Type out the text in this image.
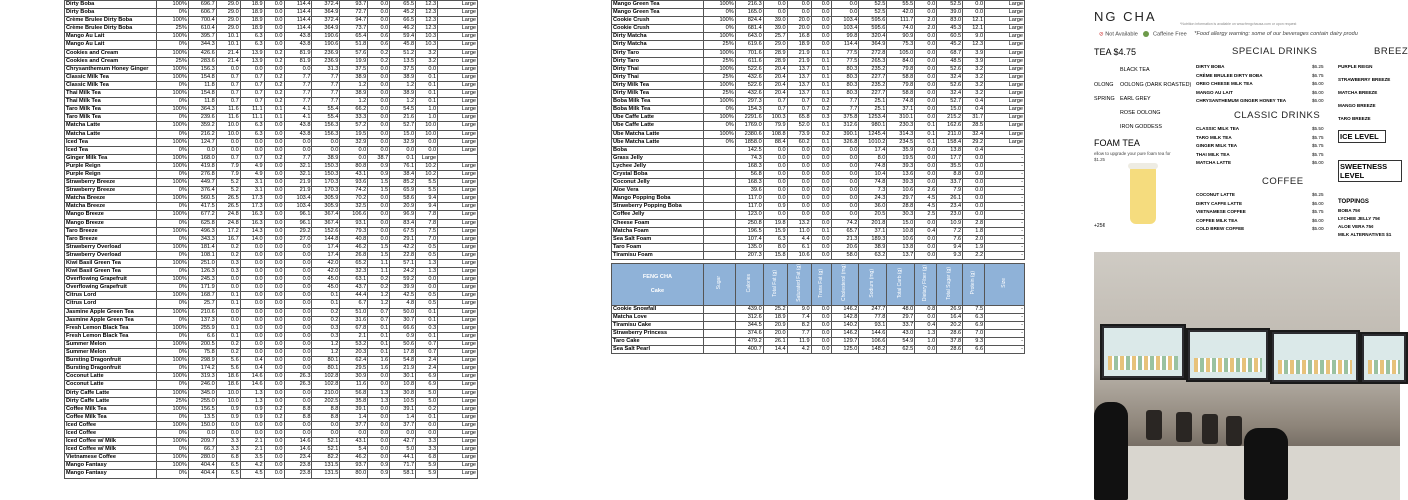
Dirty Boba	100%	696.7	29.0	18.9	0.0	114.4	372.4	93.7	0.0	65.5	12.3	Large
Dirty Boba	0%	606.7	29.0	18.9	0.0	114.4	364.9	72.7	0.0	45.2	12.3	Large
Crème Brulee Dirty Boba	100%	700.4	29.0	18.9	0.0	114.4	372.4	94.7	0.0	66.5	12.3	Large
Crème Brulee Dirty Boba	25%	610.4	29.0	18.9	0.0	114.4	364.9	73.7	0.0	46.2	12.3	Large
Mango Au Lait	100%	395.7	10.1	6.3	0.0	43.8	190.6	65.4	0.6	59.4	10.3	Large
Mango Au Lait	0%	344.3	10.1	6.3	0.0	43.8	190.6	51.8	0.6	45.8	10.3	Large
Cookies and Cream	100%	426.6	21.4	13.9	0.2	81.9	236.9	57.6	0.2	51.2	3.2	Large
Cookies and Cream	25%	283.6	21.4	13.9	0.2	81.9	236.9	19.9	0.2	13.5	3.2	Large
Chrysanthemum Honey Ginger	100%	156.3	0.0	0.0	0.0	0.0	31.3	37.5	0.0	37.5	0.0	Large
Classic Milk Tea	100%	154.8	0.7	0.7	0.2	7.7	7.7	38.9	0.0	38.9	0.1	Large
Classic Milk Tea	0%	11.8	0.7	0.7	0.2	7.7	7.7	1.2	0.0	1.2	0.1	Large
Thai Milk Tea	100%	154.8	0.7	0.7	0.2	7.7	7.7	38.9	0.0	38.9	0.1	Large
Thai Milk Tea	0%	11.8	0.7	0.7	0.2	7.7	7.7	1.2	0.0	1.2	0.1	Large
Taro Milk Tea	100%	364.3	11.6	11.1	0.1	4.1	55.4	66.2	0.0	54.5	1.0	Large
Taro Milk Tea	0%	239.6	11.6	11.1	0.1	4.1	55.4	33.3	0.0	21.6	1.0	Large
Matcha Latte	100%	359.2	10.0	6.3	0.0	43.8	156.3	57.2	0.0	52.7	10.0	Large
Matcha Latte	0%	216.2	10.0	6.3	0.0	43.8	156.3	19.5	0.0	15.0	10.0	Large
Iced Tea	100%	124.7	0.0	0.0	0.0	0.0	0.0	32.9	0.0	32.9	0.0	Large
Iced Tea	0%	0.0	0.0	0.0	0.0	0.0	0.0	0.0	0.0	0.0	0.0	Large
Ginger Milk Tea	100%	168.0	0.7	0.7	0.2	7.7	38.9	0.0	38.7	0.1	Large	
Purple Reign	100%	419.8	7.9	4.9	0.0	32.1	150.3	80.8	0.9	76.1	10.2	Large
Purple Reign	0%	276.8	7.9	4.9	0.0	32.1	150.3	43.1	0.9	38.4	10.2	Large
Strawberry Breeze	100%	449.7	5.2	3.1	0.0	21.9	170.3	93.6	1.5	85.2	5.5	Large
Strawberry Breeze	0%	376.4	5.2	3.1	0.0	21.9	170.3	74.2	1.5	65.9	5.5	Large
Matcha Breeze	100%	560.5	26.5	17.3	0.0	103.4	305.9	70.2	0.0	58.6	9.4	Large
Matcha Breeze	0%	417.5	26.5	17.3	0.0	103.4	305.9	32.5	0.0	20.9	9.4	Large
Mango Breeze	100%	677.2	24.8	16.3	0.0	96.1	367.4	106.6	0.0	96.9	7.8	Large
Mango Breeze	0%	625.8	24.8	16.3	0.0	96.1	367.4	93.1	0.0	83.4	7.8	Large
Taro Breeze	100%	496.3	17.2	14.3	0.0	29.2	152.6	79.3	0.0	67.5	7.5	Large
Taro Breeze	0%	343.3	16.7	14.0	0.0	27.0	144.8	40.8	0.0	29.1	7.0	Large
Strawberry Overload	100%	181.4	0.2	0.0	0.0	0.0	17.4	46.2	1.5	42.2	0.5	Large
Strawberry Overload	0%	108.1	0.2	0.0	0.0	0.0	17.4	26.8	1.5	22.8	0.5	Large
Kiwi Basil Green Tea	100%	251.0	0.3	0.0	0.0	0.0	42.0	65.2	1.1	57.1	1.3	Large
Kiwi Basil Green Tea	0%	126.3	0.3	0.0	0.0	0.0	42.0	32.3	1.1	24.2	1.3	Large
Overflowing Grapefruit	100%	245.3	0.0	0.0	0.0	0.0	45.0	63.1	0.2	59.2	0.0	Large
Overflowing Grapefruit	0%	171.9	0.0	0.0	0.0	0.0	45.0	43.7	0.2	39.9	0.0	Large
Citrus Lord	100%	168.7	0.1	0.0	0.0	0.0	0.1	44.4	1.2	42.5	0.5	Large
Citrus Lord	0%	25.7	0.1	0.0	0.0	0.0	0.1	6.7	1.2	4.8	0.5	Large
Jasmine Apple Green Tea	100%	210.6	0.0	0.0	0.0	0.0	0.2	51.0	0.7	50.0	0.1	Large
Jasmine Apple Green Tea	0%	137.3	0.0	0.0	0.0	0.0	0.2	31.6	0.7	30.7	0.1	Large
Fresh Lemon Black Tea	100%	255.9	0.1	0.0	0.0	0.0	0.3	67.8	0.1	66.6	0.3	Large
Fresh Lemon Black Tea	0%	6.6	0.1	0.0	0.0	0.0	0.3	2.1	0.1	0.9	0.1	Large
Summer Melon	100%	200.5	0.2	0.0	0.0	0.0	1.2	53.2	0.1	50.6	0.7	Large
Summer Melon	0%	75.8	0.2	0.0	0.0	0.0	1.2	20.3	0.1	17.8	0.7	Large
Bursting Dragonfruit	100%	298.9	5.6	0.4	0.0	0.0	80.1	62.4	1.6	54.8	2.4	Large
Bursting Dragonfruit	0%	174.2	5.6	0.4	0.0	0.0	80.1	29.5	1.6	21.9	2.4	Large
Coconut Latte	100%	319.3	18.6	14.6	0.0	26.3	102.8	30.9	0.0	30.1	6.9	Large
Coconut Latte	0%	246.0	18.6	14.6	0.0	26.3	102.8	11.6	0.0	10.8	6.9	Large
Dirty Caffe Latte	100%	345.0	10.0	1.3	0.0	0.0	210.0	56.8	1.3	30.8	5.0	Large
Dirty Caffe Latte	25%	255.0	10.0	1.3	0.0	0.0	202.5	35.8	1.3	10.5	5.0	Large
Coffee Milk Tea	100%	156.5	0.9	0.9	0.2	8.8	8.8	39.1	0.0	39.1	0.2	Large
Coffee Milk Tea	0%	13.5	0.9	0.9	0.2	8.8	8.8	1.4	0.0	1.4	0.1	Large
Iced Coffee	100%	150.0	0.0	0.0	0.0	0.0	0.0	37.7	0.0	37.7	0.0	Large
Iced Coffee	0%	0.0	0.0	0.0	0.0	0.0	0.0	0.0	0.0	0.0	0.0	Large
Iced Coffee w/ Milk	100%	209.7	3.3	2.1	0.0	14.6	52.1	43.1	0.0	42.7	3.3	Large
Iced Coffee w/ Milk	0%	66.7	3.3	2.1	0.0	14.6	52.1	5.4	0.0	5.0	3.3	Large
Vietnamese Coffee	100%	280.0	6.8	3.5	0.0	23.4	82.2	46.2	0.0	44.1	6.8	Large
Mango Fantasy	100%	404.4	6.5	4.2	0.0	23.8	131.5	93.7	0.9	71.7	5.9	Large
Mango Fantasy	0%	404.4	6.5	4.5	0.0	23.8	131.5	80.0	0.9	58.1	5.9	Large
Mango Green Tea	100%	216.3	0.0	0.0	0.0	0.0	52.5	55.5	0.0	52.5	0.0	Large
Mango Green Tea	0%	165.0	0.0	0.0	0.0	0.0	52.5	42.0	0.0	39.0	0.0	Large
Cookie Crush	100%	824.4	39.0	20.0	0.0	103.4	595.6	111.7	2.0	83.0	12.1	Large
Cookie Crush	0%	681.4	39.0	20.0	0.0	103.4	595.6	74.0	2.0	45.3	12.1	Large
Dirty Matcha	100%	643.0	25.7	16.8	0.0	99.8	320.4	90.9	0.0	60.5	9.0	Large
Dirty Matcha	25%	619.6	29.0	18.9	0.0	114.4	364.9	75.3	0.0	45.2	12.3	Large
Dirty Taro	100%	701.6	28.9	21.9	0.1	77.5	272.8	105.0	0.0	68.7	3.9	Large
Dirty Taro	25%	611.6	28.9	21.9	0.1	77.5	265.3	84.0	0.0	48.5	3.9	Large
Dirty Thai	100%	522.6	20.4	13.7	0.1	80.3	235.2	79.8	0.0	52.6	3.2	Large
Dirty Thai	25%	432.6	20.4	13.7	0.1	80.3	227.7	58.8	0.0	32.4	3.2	Large
Dirty Milk Tea	100%	522.6	20.4	13.7	0.1	80.3	235.2	79.8	0.0	52.6	3.2	Large
Dirty Milk Tea	25%	432.6	20.4	13.7	0.1	80.3	227.7	58.8	0.0	32.4	3.2	Large
Boba Milk Tea	100%	297.3	0.7	0.7	0.2	7.7	25.1	74.8	0.0	52.7	0.4	Large
Boba Milk Tea	0%	154.3	0.7	0.7	0.2	7.7	25.1	37.1	0.0	15.0	0.4	Large
Ube Caffe Latte	100%	2291.6	100.3	65.8	0.3	375.8	1253.4	310.1	0.0	215.2	31.7	Large
Ube Caffe Latte	0%	1769.0	79.9	52.0	0.1	312.6	980.1	230.3	0.1	162.6	28.5	Large
Ube Matcha Latte	100%	2380.6	108.8	73.9	0.2	390.1	1245.4	314.3	0.1	211.0	32.4	Large
Ube Matcha Latte	0%	1858.0	88.4	60.2	0.1	326.8	1010.2	234.5	0.1	158.4	29.2	Large
Boba		142.5	0.0	0.0	0.0	0.0	17.4	35.9	0.0	13.8	0.4	-
Grass Jelly		74.3	0.0	0.0	0.0	0.0	8.0	19.5	0.0	17.7	0.0	-
Lychee Jelly		168.3	0.0	0.0	0.0	0.0	74.8	39.3	0.0	35.5	0.0	-
Crystal Boba		56.8	0.0	0.0	0.0	0.0	10.4	13.6	0.0	8.8	0.0	-
Coconut Jelly		168.3	0.0	0.0	0.0	0.0	74.8	39.3	0.0	33.7	0.0	-
Aloe Vera		39.6	0.0	0.0	0.0	0.0	7.3	10.6	2.6	7.9	0.0	-
Mango Popping Boba		117.0	0.0	0.0	0.0	0.0	24.3	29.7	4.5	26.1	0.0	-
Strawberry Popping Boba		117.0	0.9	0.0	0.0	0.0	36.0	28.8	4.5	23.4	0.0	-
Coffee Jelly		123.0	0.0	0.0	0.0	0.0	20.5	30.3	2.5	23.0	0.0	-
Cheese Foam		250.8	19.8	13.2	0.0	74.2	201.8	15.0	0.0	10.9	2.8	-
Matcha Foam		196.5	15.9	11.0	0.1	65.7	37.1	10.8	0.4	7.2	1.8	-
Sea Salt Foam		107.4	6.3	4.4	0.0	21.3	189.3	10.6	0.0	7.6	2.0	-
Taro Foam		135.0	8.0	6.1	0.0	20.6	38.9	13.8	0.0	9.4	1.9	-
Tiramisu Foam		207.3	15.8	10.6	0.0	58.0	63.2	13.7	0.0	9.3	2.2	-

FENG CHA
Cake	Sugar	Calories	Total Fat (g)	Saturated Fat (g)	Trans Fat (g)	Cholesterol (mg)	Sodium (mg)	Total Carb (g)	Dietary Fiber (g)	Total Sugar (g)	Protein (g)	Size
Cookie Snowfall		439.0	25.2	9.0	0.0	146.2	247.7	48.0	0.8	26.9	7.5	-
Matcha Love		312.6	18.9	7.4	0.0	142.8	77.8	29.7	0.0	16.4	6.3	-
Tiramisu Cake		344.5	20.9	8.2	0.0	140.2	93.1	33.7	0.4	20.2	6.9	-
Strawberry Princess		374.6	20.0	7.7	0.0	146.2	144.6	43.0	1.3	28.6	7.0	-
Taro Cake		479.2	26.1	11.9	0.0	129.7	106.6	54.9	1.0	37.8	9.3	-
Sea Salt Pearl		400.7	14.4	4.2	0.0	125.0	148.2	62.5	0.0	28.6	6.6	-
NG CHA	*Nutrition information is available on www.fengchausa.com or upon request
⊘ Not Available	Caffeine Free *Food allergy warning: some of our beverages contain dairy produ
TEA $4.75
BLACK TEA
OLONG OOLONG (DARK ROASTED)
SPRING EARL GREY
ROSE OOLONG
IRON GODDESS
FOAM TEA
ellow to upgrade your pure foam tea for $1.25
+25¢
SPECIAL DRINKS
DIRTY BOBA	$6.25
CRÈME BRULEE DIRTY BOBA	$6.75
OREO CHEESE MILK TEA	$6.00
MANGO AU LAIT	$6.00
CHRYSANTHEMUM GINGER HONEY TEA	$6.00
CLASSIC DRINKS
CLASSIC MILK TEA	$5.50
TARO MILK TEA	$5.75
GINGER MILK TEA	$5.75
THAI MILK TEA	$5.75
MATCHA LATTE	$6.00
COFFEE
COCONUT LATTE	$6.25
DIRTY CAFFE LATTE	$6.00
VIETNAMESE COFFEE	$5.75
COFFEE MILK TEA	$6.00
COLD BREW COFFEE	$5.00
BREEZ
PURPLE REIGN
STRAWBERRY BREEZE
MATCHA BREEZE
MANGO BREEZE
TARO BREEZE
ICE LEVEL
SWEETNESS LEVEL
TOPPINGS
BOBA 75¢
LYCHEE JELLY 75¢
ALOE VERA 75¢
MILK ALTERNATIVES $1
